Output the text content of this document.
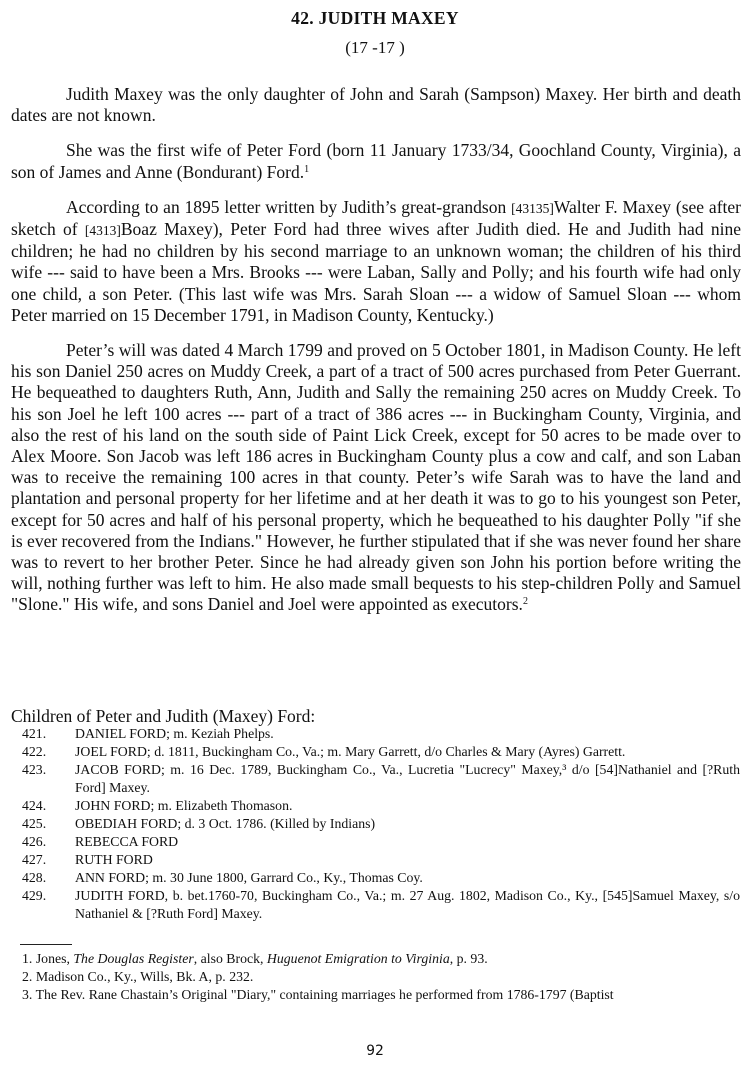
42. JUDITH MAXEY
(17 -17 )

Judith Maxey was the only daughter of John and Sarah (Sampson) Maxey. Her birth and death dates are not known.

She was the first wife of Peter Ford (born 11 January 1733/34, Goochland County, Virginia), a son of James and Anne (Bondurant) Ford.$^1$

According to an 1895 letter written by Judith’s great-grandson [43135]Walter F. Maxey (see after sketch of [4313]Boaz Maxey), Peter Ford had three wives after Judith died. He and Judith had nine children; he had no children by his second marriage to an unknown woman; the children of his third wife --- said to have been a Mrs. Brooks --- were Laban, Sally and Polly; and his fourth wife had only one child, a son Peter. (This last wife was Mrs. Sarah Sloan --- a widow of Samuel Sloan --- whom Peter married on 15 December 1791, in Madison County, Kentucky.)

Peter’s will was dated 4 March 1799 and proved on 5 October 1801, in Madison County. He left his son Daniel 250 acres on Muddy Creek, a part of a tract of 500 acres purchased from Peter Guerrant. He bequeathed to daughters Ruth, Ann, Judith and Sally the remaining 250 acres on Muddy Creek. To his son Joel he left 100 acres --- part of a tract of 386 acres --- in Buckingham County, Virginia, and also the rest of his land on the south side of Paint Lick Creek, except for 50 acres to be made over to Alex Moore. Son Jacob was left 186 acres in Buckingham County plus a cow and calf, and son Laban was to receive the remaining 100 acres in that county. Peter’s wife Sarah was to have the land and plantation and personal property for her lifetime and at her death it was to go to his youngest son Peter, except for 50 acres and half of his personal property, which he bequeathed to his daughter Polly "if she is ever recovered from the Indians." However, he further stipulated that if she was never found her share was to revert to her brother Peter. Since he had already given son John his portion before writing the will, nothing further was left to him. He also made small bequests to his step-children Polly and Samuel "Slone." His wife, and sons Daniel and Joel were appointed as executors.$^2$

Children of Peter and Judith (Maxey) Ford:
421.	DANIEL FORD; m. Keziah Phelps.
422.	JOEL FORD; d. 1811, Buckingham Co., Va.; m. Mary Garrett, d/o Charles & Mary (Ayres) Garrett.
423.	JACOB FORD; m. 16 Dec. 1789, Buckingham Co., Va., Lucretia "Lucrecy" Maxey,³ d/o [54]Nathaniel and [?Ruth Ford] Maxey.
424.	JOHN FORD; m. Elizabeth Thomason.
425.	OBEDIAH FORD; d. 3 Oct. 1786. (Killed by Indians)
426.	REBECCA FORD
427.	RUTH FORD
428.	ANN FORD; m. 30 June 1800, Garrard Co., Ky., Thomas Coy.
429.	JUDITH FORD, b. bet.1760-70, Buckingham Co., Va.; m. 27 Aug. 1802, Madison Co., Ky., [545]Samuel Maxey, s/o Nathaniel & [?Ruth Ford] Maxey.
1. Jones, The Douglas Register, also Brock, Huguenot Emigration to Virginia, p. 93.
2. Madison Co., Ky., Wills, Bk. A, p. 232.
3. The Rev. Rane Chastain’s Original "Diary," containing marriages he performed from 1786-1797 (Baptist
92
